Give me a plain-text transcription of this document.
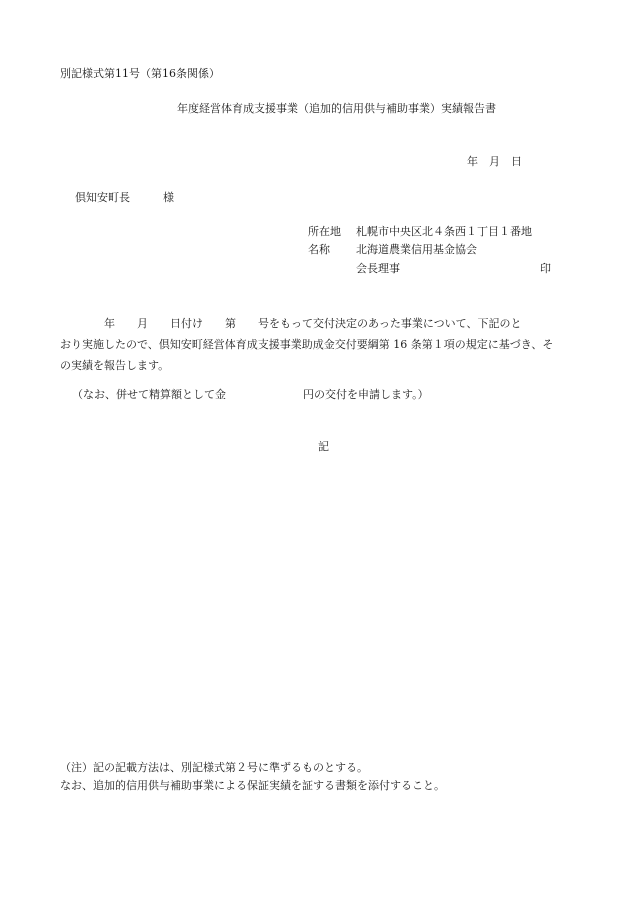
別記様式第11号（第16条関係）
年度経営体育成支援事業（追加的信用供与補助事業）実績報告書
年　月　日
倶知安町長　　　様
所在地 札幌市中央区北４条西１丁目１番地
名称 北海道農業信用基金協会
会長理事	印
　　　　年　　月　　日付け　　第　　号をもって交付決定のあった事業について、下記のと
おり実施したので、倶知安町経営体育成支援事業助成金交付要綱第 16 条第１項の規定に基づき、そ
の実績を報告します。
（なお、併せて精算額として金　　　　　　　円の交付を申請します。）
記
（注）記の記載方法は、別記様式第２号に準ずるものとする。
なお、追加的信用供与補助事業による保証実績を証する書類を添付すること。
